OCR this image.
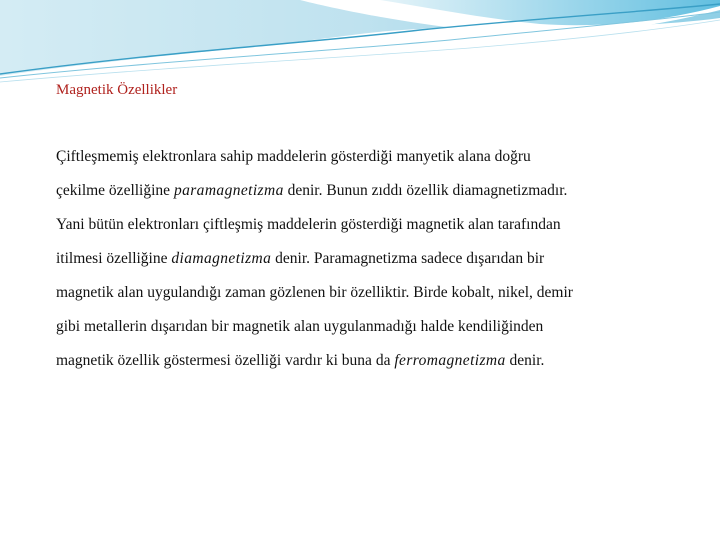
Magnetik Özellikler
Çiftleşmemiş elektronlara sahip maddelerin gösterdiği manyetik alana doğru
çekilme özelliğine paramagnetizma denir. Bunun zıddı özellik diamagnetizmadır.
Yani bütün elektronları çiftleşmiş maddelerin gösterdiği magnetik alan tarafından
itilmesi özelliğine diamagnetizma denir. Paramagnetizma sadece dışarıdan bir
magnetik alan uygulandığı zaman gözlenen bir özelliktir. Birde kobalt, nikel, demir
gibi metallerin dışarıdan bir magnetik alan uygulanmadığı halde kendiliğinden
magnetik özellik göstermesi özelliği vardır ki buna da ferromagnetizma denir.
